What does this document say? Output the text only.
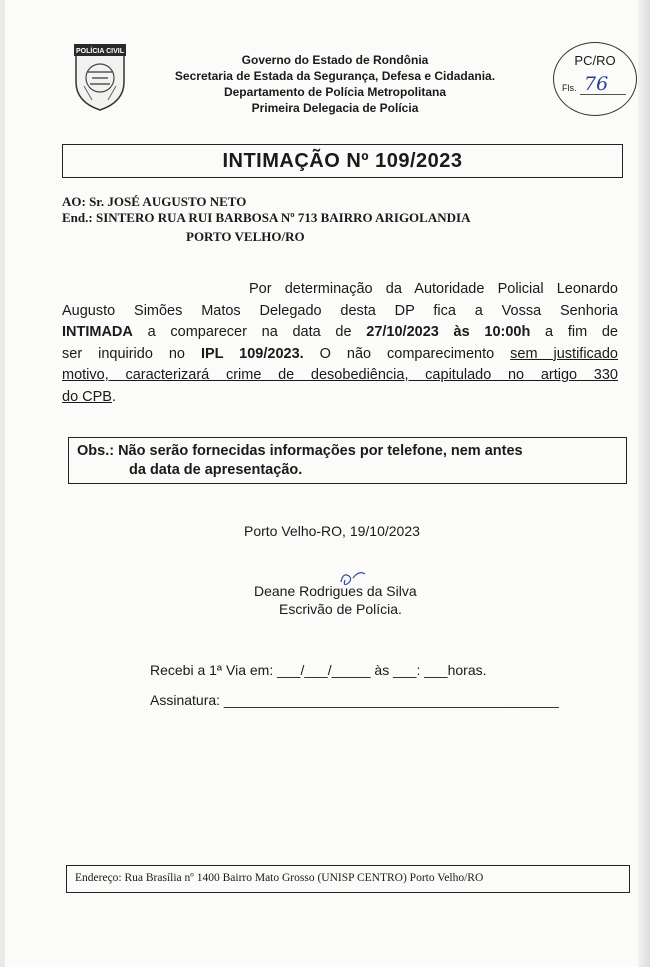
POLÍCIA CIVIL
Governo do Estado de Rondônia
Secretaria de Estada da Segurança, Defesa e Cidadania.
Departamento de Polícia Metropolitana
Primeira Delegacia de Polícia
PC/RO
Fls. 76
INTIMAÇÃO Nº 109/2023
AO: Sr. JOSÉ AUGUSTO NETO
End.: SINTERO RUA RUI BARBOSA Nº 713 BAIRRO ARIGOLANDIA
PORTO VELHO/RO
Por determinação da Autoridade Policial Leonardo
Augusto Simões Matos Delegado desta DP fica a Vossa Senhoria
INTIMADA a comparecer na data de 27/10/2023 às 10:00h a fim de
ser inquirido no IPL 109/2023. O não comparecimento sem justificado
motivo, caracterizará crime de desobediência, capitulado no artigo 330
do CPB.
Obs.: Não serão fornecidas informações por telefone, nem antes
da data de apresentação.
Porto Velho-RO, 19/10/2023
Deane Rodrigues da Silva
Escrivão de Polícia.
Recebi a 1ª Via em: ___/___/_____ às ___: ___horas.
Assinatura: ___________________________________________
Endereço: Rua Brasília nº 1400 Bairro Mato Grosso (UNISP CENTRO) Porto Velho/RO
